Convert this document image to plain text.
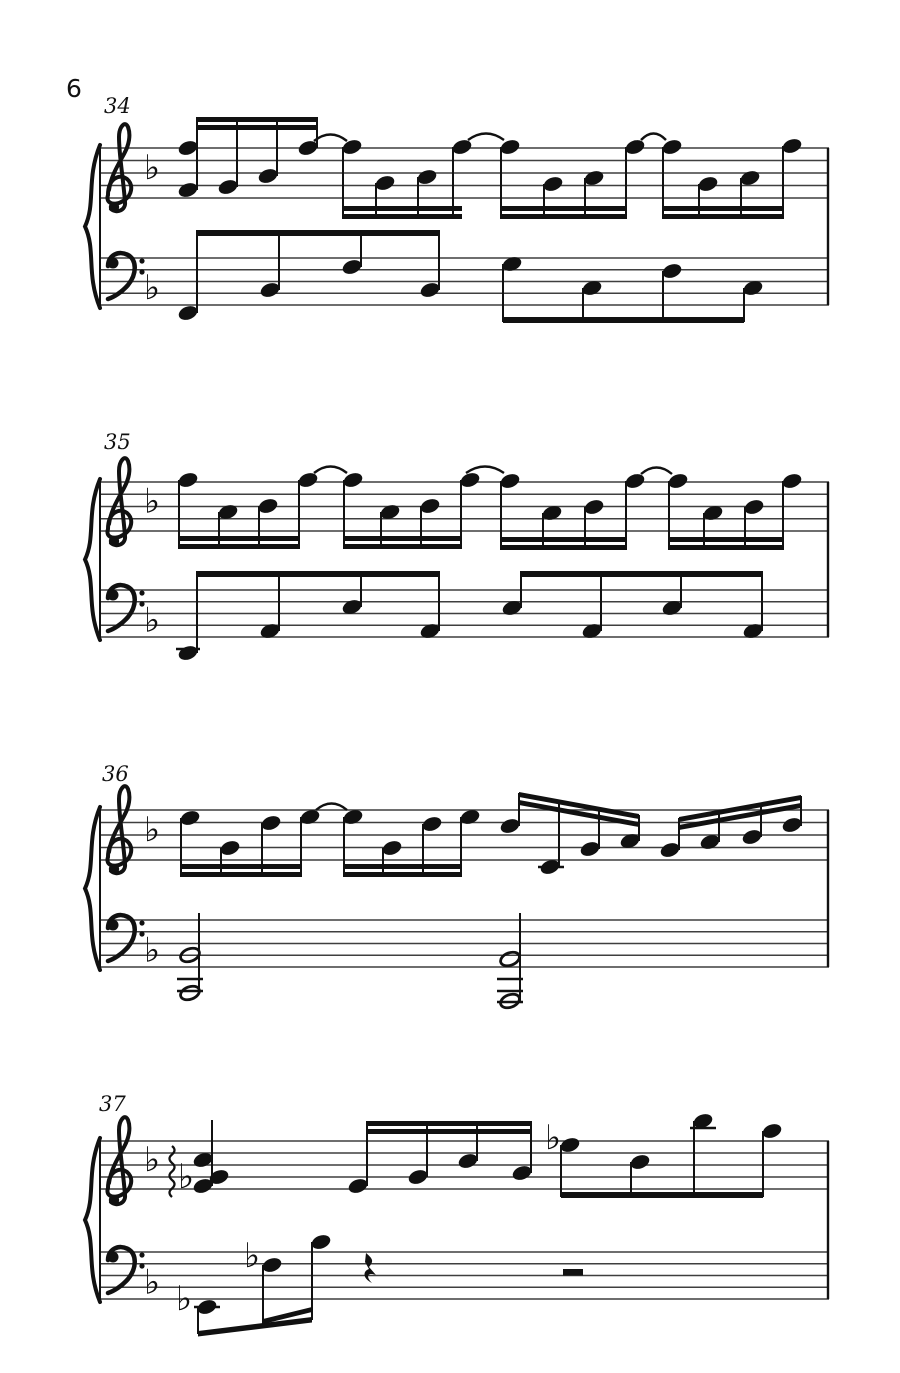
6
♭
♭
34
♭
♭
35
♭
♭
36
♭
♭
♭
♭
♭
♭
37
